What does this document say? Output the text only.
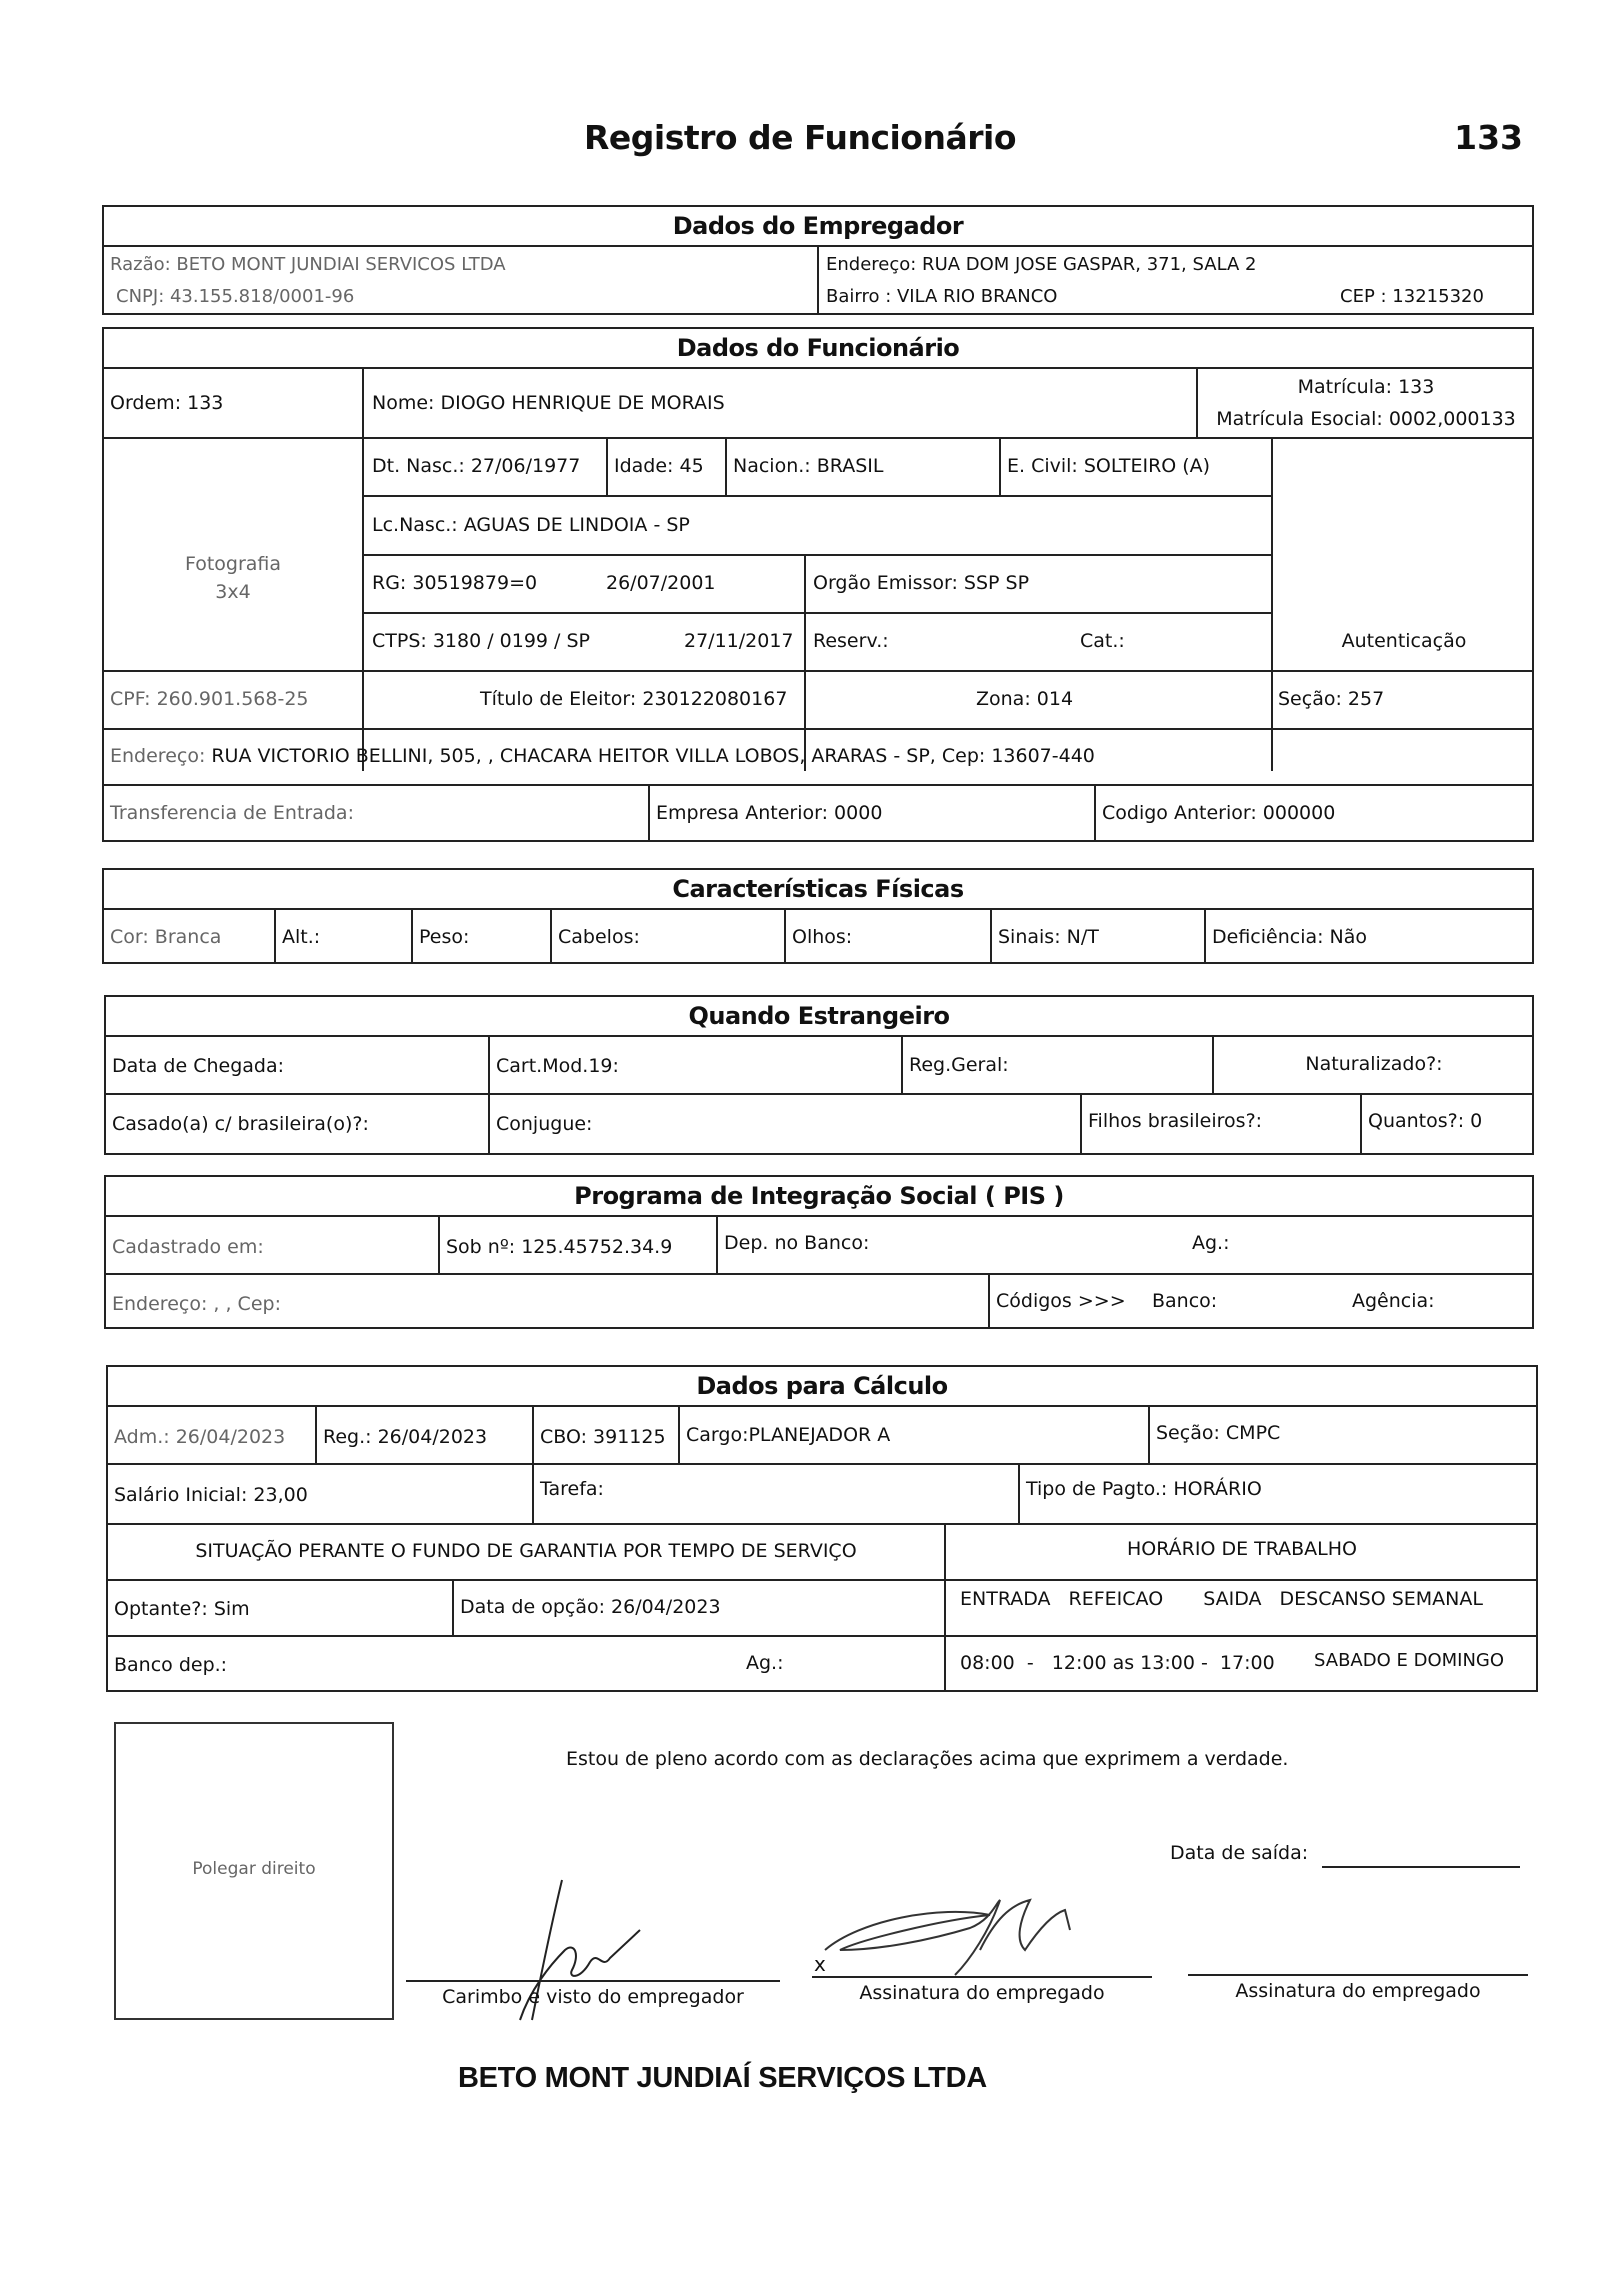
Registro de Funcionário	133
Dados do Empregador
Razão: BETO MONT JUNDIAI SERVICOS LTDA
CNPJ: 43.155.818/0001-96
Endereço: RUA DOM JOSE GASPAR, 371, SALA 2
Bairro : VILA RIO BRANCO	CEP : 13215320
Dados do Funcionário
Ordem: 133	Nome: DIOGO HENRIQUE DE MORAIS
Matrícula: 133
Matrícula Esocial: 0002,000133
Fotografia
3x4
Dt. Nasc.: 27/06/1977	Idade: 45	Nacion.: BRASIL	E. Civil: SOLTEIRO (A)
Lc.Nasc.: AGUAS DE LINDOIA - SP
RG: 30519879=0	26/07/2001	Orgão Emissor: SSP SP
CTPS: 3180 / 0199 / SP	27/11/2017	Reserv.:	Cat.:	Autenticação
CPF: 260.901.568-25	Título de Eleitor: 230122080167	Zona: 014	Seção: 257
Endereço: RUA VICTORIO BELLINI, 505, , CHACARA HEITOR VILLA LOBOS, ARARAS - SP, Cep: 13607-440
Transferencia de Entrada:	Empresa Anterior: 0000	Codigo Anterior: 000000
Características Físicas
Cor: Branca	Alt.:	Peso:	Cabelos:	Olhos:	Sinais: N/T	Deficiência: Não
Quando Estrangeiro
Data de Chegada:	Cart.Mod.19:	Reg.Geral:	Naturalizado?:
Casado(a) c/ brasileira(o)?:	Conjugue:	Filhos brasileiros?:	Quantos?: 0
Programa de Integração Social ( PIS )
Cadastrado em:	Sob nº: 125.45752.34.9	Dep. no Banco:	Ag.:
Endereço: , , Cep:	Códigos >>>	Banco:	Agência:
Dados para Cálculo
Adm.: 26/04/2023	Reg.: 26/04/2023	CBO: 391125	Cargo:PLANEJADOR A	Seção: CMPC
Salário Inicial: 23,00	Tarefa:	Tipo de Pagto.: HORÁRIO
SITUAÇÃO PERANTE O FUNDO DE GARANTIA POR TEMPO DE SERVIÇO	HORÁRIO DE TRABALHO
Optante?: Sim	Data de opção: 26/04/2023	ENTRADA REFEICAO SAIDA DESCANSO SEMANAL
Banco dep.:	Ag.:	08:00  -   12:00 as 13:00 -  17:00	SABADO E DOMINGO
Polegar direito
Estou de pleno acordo com as declarações acima que exprimem a verdade.
Data de saída:
Carimbo e visto do empregador
x
Assinatura do empregado	Assinatura do empregado
BETO MONT JUNDIAÍ SERVIÇOS LTDA
